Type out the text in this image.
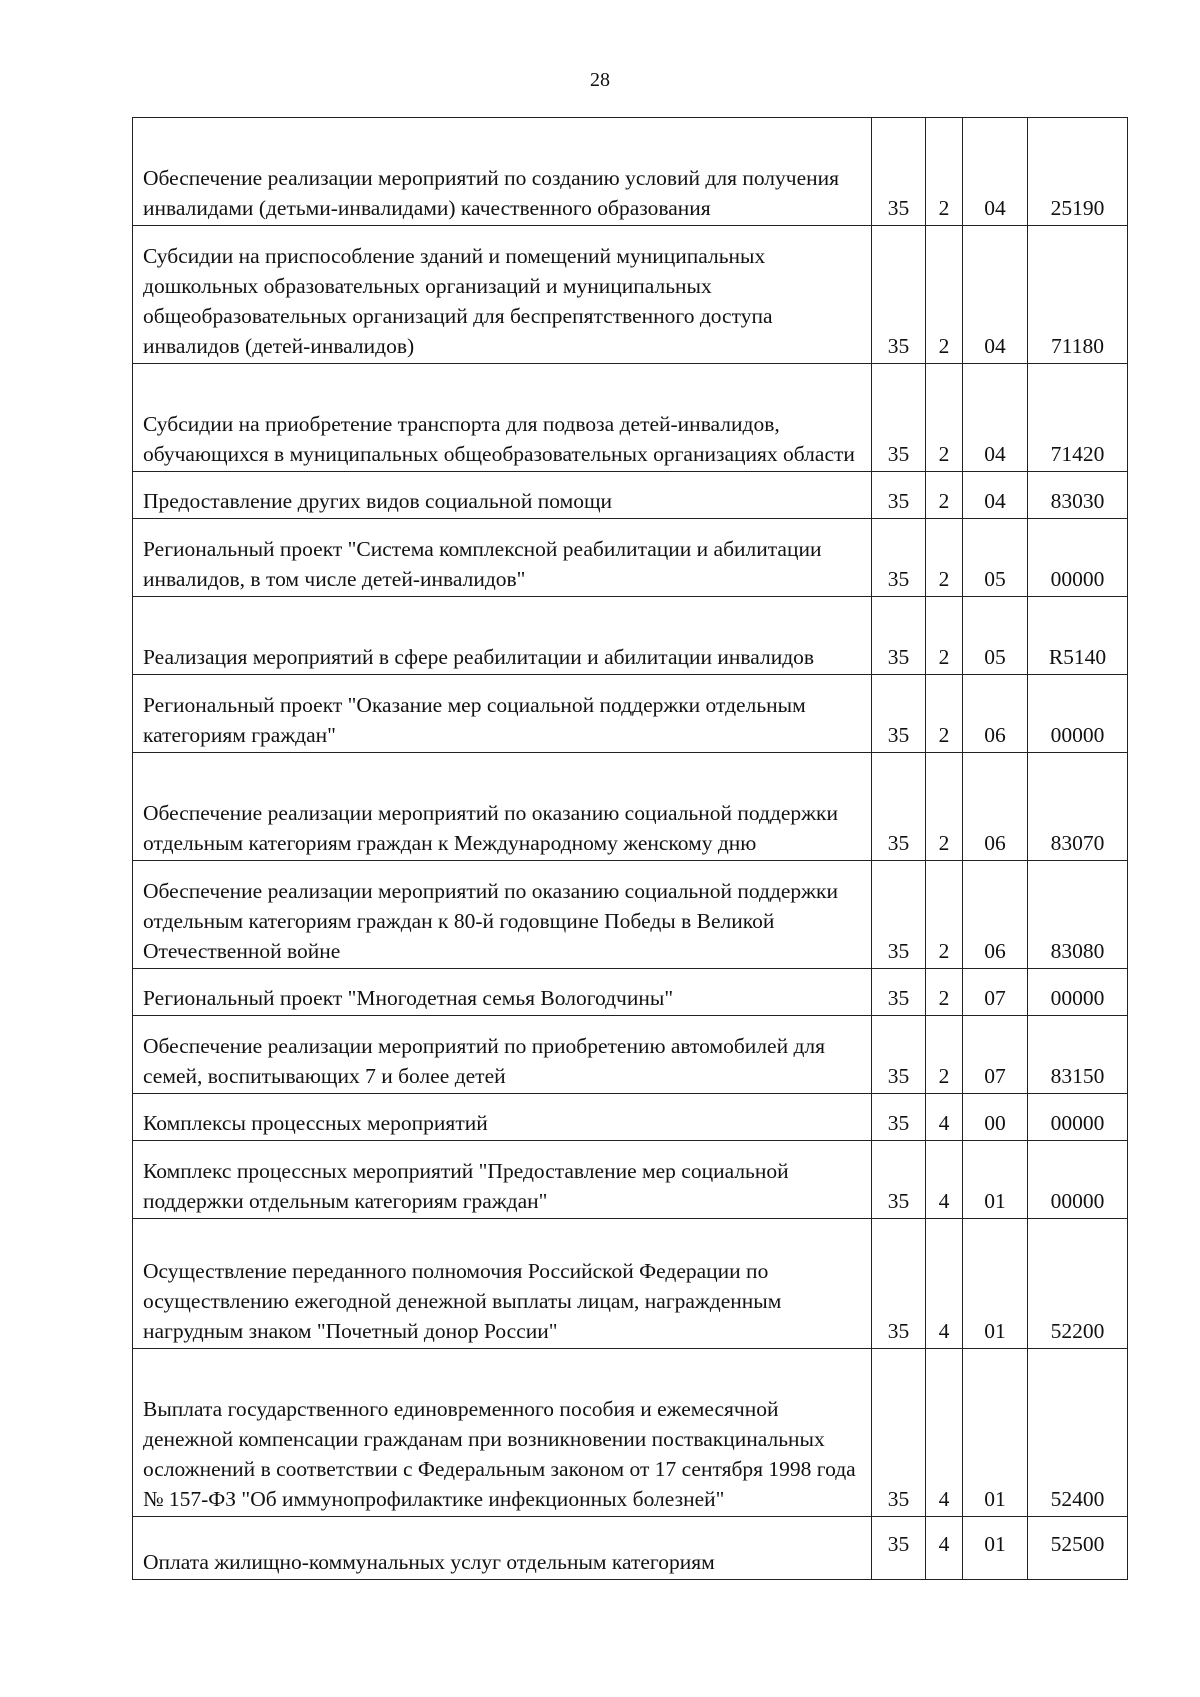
28
Обеспечение реализации мероприятий по созданию условий для получения инвалидами (детьми-инвалидами) качественного образования	35	2	04	25190
Субсидии на приспособление зданий и помещений муниципальных дошкольных образовательных организаций и муниципальных общеобразовательных организаций для беспрепятственного доступа инвалидов (детей-инвалидов)	35	2	04	71180
Субсидии на приобретение транспорта для подвоза детей-инвалидов, обучающихся в муниципальных общеобразовательных организациях области	35	2	04	71420
Предоставление других видов социальной помощи	35	2	04	83030
Региональный проект "Система комплексной реабилитации и абилитации инвалидов, в том числе детей-инвалидов"	35	2	05	00000
Реализация мероприятий в сфере реабилитации и абилитации инвалидов	35	2	05	R5140
Региональный проект "Оказание мер социальной поддержки отдельным категориям граждан"	35	2	06	00000
Обеспечение реализации мероприятий по оказанию социальной поддержки отдельным категориям граждан к Международному женскому дню	35	2	06	83070
Обеспечение реализации мероприятий по оказанию социальной поддержки отдельным категориям граждан к 80-й годовщине Победы в Великой Отечественной войне	35	2	06	83080
Региональный проект "Многодетная семья Вологодчины"	35	2	07	00000
Обеспечение реализации мероприятий по приобретению автомобилей для семей, воспитывающих 7 и более детей	35	2	07	83150
Комплексы процессных мероприятий	35	4	00	00000
Комплекс процессных мероприятий "Предоставление мер социальной поддержки отдельным категориям граждан"	35	4	01	00000
Осуществление переданного полномочия Российской Федерации по осуществлению ежегодной денежной выплаты лицам, награжденным нагрудным знаком "Почетный донор России"	35	4	01	52200
Выплата государственного единовременного пособия и ежемесячной денежной компенсации гражданам при возникновении поствакцинальных осложнений в соответствии с Федеральным законом от 17 сентября 1998 года № 157-ФЗ "Об иммунопрофилактике инфекционных болезней"	35	4	01	52400
Оплата жилищно-коммунальных услуг отдельным категориям	35	4	01	52500
